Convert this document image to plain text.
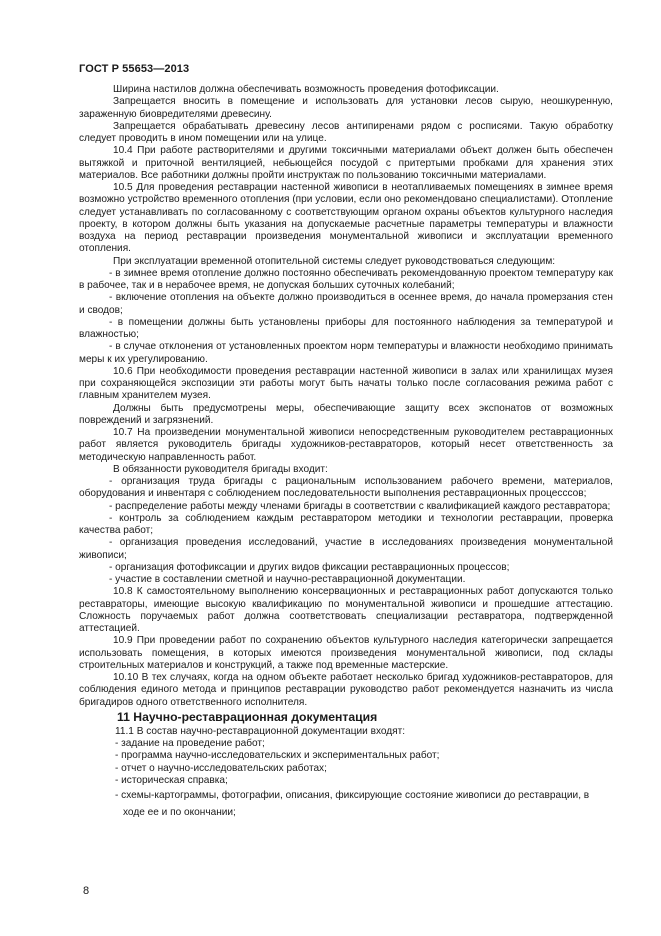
ГОСТ Р 55653—2013

Ширина настилов должна обеспечивать возможность проведения фотофиксации.

Запрещается вносить в помещение и использовать для установки лесов сырую, неошкуренную, зараженную биовредителями древесину.

Запрещается обрабатывать древесину лесов антипиренами рядом с росписями. Такую обработку следует проводить в ином помещении или на улице.

10.4 При работе растворителями и другими токсичными материалами объект должен быть обеспечен вытяжкой и приточной вентиляцией, небьющейся посудой с притертыми пробками для хранения этих материалов. Все работники должны пройти инструктаж по пользованию токсичными материалами.

10.5 Для проведения реставрации настенной живописи в неотапливаемых помещениях в зимнее время возможно устройство временного отопления (при условии, если оно рекомендовано специалистами). Отопление следует устанавливать по согласованному с соответствующим органом охраны объектов культурного наследия проекту, в котором должны быть указания на допускаемые расчетные параметры температуры и влажности воздуха на период реставрации произведения монументальной живописи и эксплуатации временного отопления.

При эксплуатации временной отопительной системы следует руководствоваться следующим:

- в зимнее время отопление должно постоянно обеспечивать рекомендованную проектом температуру как в рабочее, так и в нерабочее время, не допуская больших суточных колебаний;

- включение отопления на объекте должно производиться в осеннее время, до начала промерзания стен и сводов;

- в помещении должны быть установлены приборы для постоянного наблюдения за температурой и влажностью;

- в случае отклонения от установленных проектом норм температуры и влажности необходимо принимать меры к их урегулированию.

10.6 При необходимости проведения реставрации настенной живописи в залах или хранилищах музея при сохраняющейся экспозиции эти работы могут быть начаты только после согласования режима работ с главным хранителем музея.

Должны быть предусмотрены меры, обеспечивающие защиту всех экспонатов от возможных повреждений и загрязнений.

10.7 На произведении монументальной живописи непосредственным руководителем реставрационных работ является руководитель бригады художников-реставраторов, который несет ответственность за методическую направленность работ.

В обязанности руководителя бригады входит:

- организация труда бригады с рациональным использованием рабочего времени, материалов, оборудования и инвентаря с соблюдением последовательности выполнения реставрационных процесссов;

- распределение работы между членами бригады в соответствии с квалификацией каждого реставратора;

- контроль за соблюдением каждым реставратором методики и технологии реставрации, проверка качества работ;

- организация проведения исследований, участие в исследованиях произведения монументальной живописи;

- организация фотофиксации и других видов фиксации реставрационных процессов;

- участие в составлении сметной и научно-реставрационной документации.

10.8 К самостоятельному выполнению консервационных и реставрационных работ допускаются только реставраторы, имеющие высокую квалификацию по монументальной живописи и прошедшие аттестацию. Сложность поручаемых работ должна соответствовать специализации реставратора, подтвержденной аттестацией.

10.9 При проведении работ по сохранению объектов культурного наследия категорически запрещается использовать помещения, в которых имеются произведения монументальной живописи, под склады строительных материалов и конструкций, а также под временные мастерские.

10.10 В тех случаях, когда на одном объекте работает несколько бригад художников-реставраторов, для соблюдения единого метода и принципов реставрации руководство работ рекомендуется назначить из числа бригадиров одного ответственного исполнителя.

11 Научно-реставрационная документация
11.1 В состав научно-реставрационной документации входят:
- задание на проведение работ;
- программа научно-исследовательских и экспериментальных работ;
- отчет о научно-исследовательских работах;
- историческая справка;
- схемы-картограммы, фотографии, описания, фиксирующие состояние живописи до реставрации, в ходе ее и по окончании;
8
